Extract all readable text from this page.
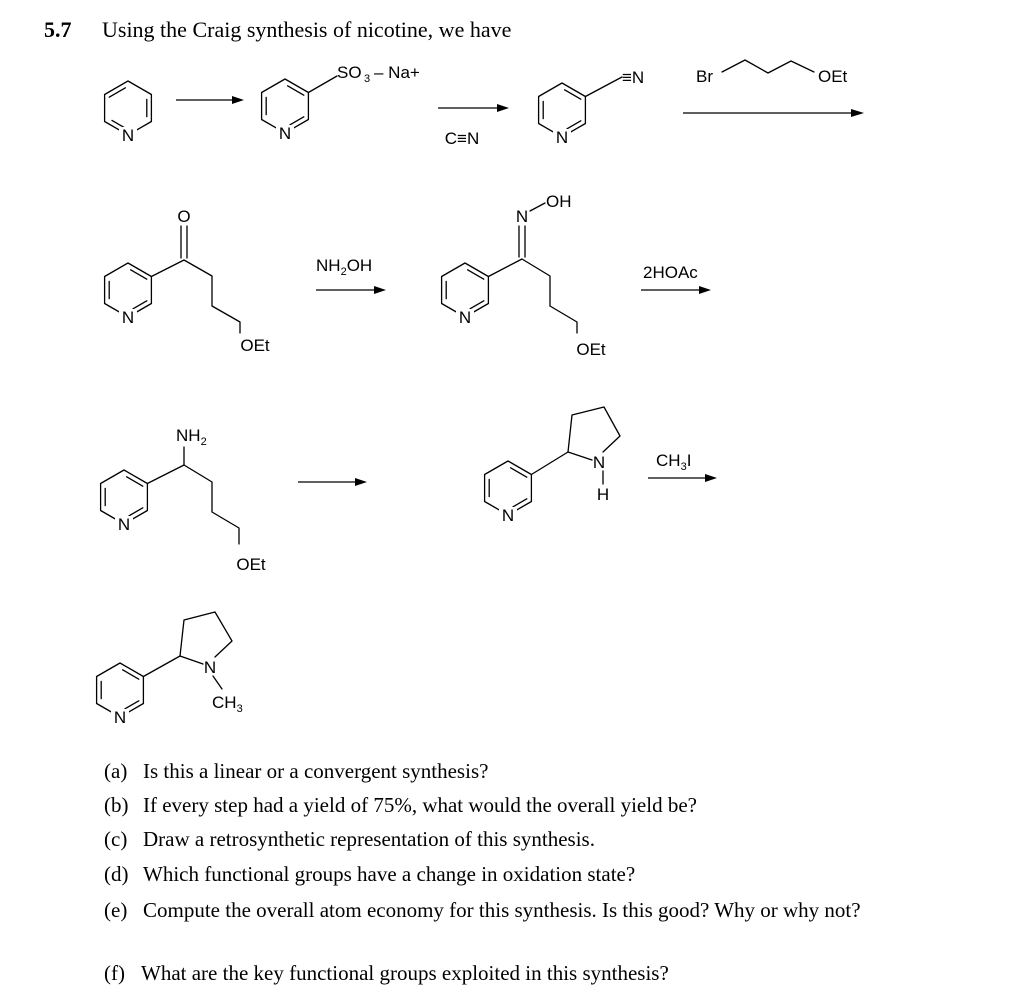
5.7 Using the Craig synthesis of nicotine, we have
N	N
SO 3 – Na+
C≡N	N
≡N	Br	OEt
N
O
OEt
$NH_2OH$
N
N
OH
OEt
2HOAc
N
$NH_2$
OEt
N
N
H
$CH_3I$
N
N
$CH_3$
(a) Is this a linear or a convergent synthesis?
(b) If every step had a yield of 75%, what would the overall yield be?
(c) Draw a retrosynthetic representation of this synthesis.
(d) Which functional groups have a change in oxidation state?
(e) Compute the overall atom economy for this synthesis. Is this good? Why or why not?
(f) What are the key functional groups exploited in this synthesis?
